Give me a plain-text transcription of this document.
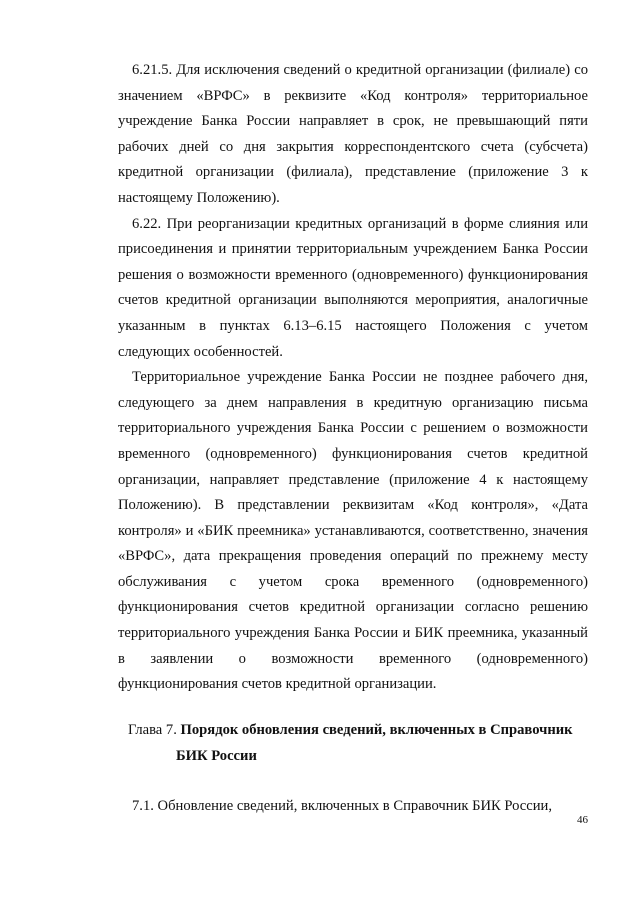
6.21.5. Для исключения сведений о кредитной организации (филиале) со значением «ВРФС» в реквизите «Код контроля» территориальное учреждение Банка России направляет в срок, не превышающий пяти рабочих дней со дня закрытия корреспондентского счета (субсчета) кредитной организации (филиала), представление (приложение 3 к настоящему Положению).

6.22. При реорганизации кредитных организаций в форме слияния или присоединения и принятии территориальным учреждением Банка России решения о возможности временного (одновременного) функционирования счетов кредитной организации выполняются мероприятия, аналогичные указанным в пунктах 6.13–6.15 настоящего Положения с учетом следующих особенностей.

Территориальное учреждение Банка России не позднее рабочего дня, следующего за днем направления в кредитную организацию письма территориального учреждения Банка России с решением о возможности временного (одновременного) функционирования счетов кредитной организации, направляет представление (приложение 4 к настоящему Положению). В представлении реквизитам «Код контроля», «Дата контроля» и «БИК преемника» устанавливаются, соответственно, значения «ВРФС», дата прекращения проведения операций по прежнему месту обслуживания с учетом срока временного (одновременного) функционирования счетов кредитной организации согласно решению территориального учреждения Банка России и БИК преемника, указанный в заявлении о возможности временного (одновременного) функционирования счетов кредитной организации.

Глава 7. Порядок обновления сведений, включенных в Справочник
БИК России

7.1. Обновление сведений, включенных в Справочник БИК России,

46
